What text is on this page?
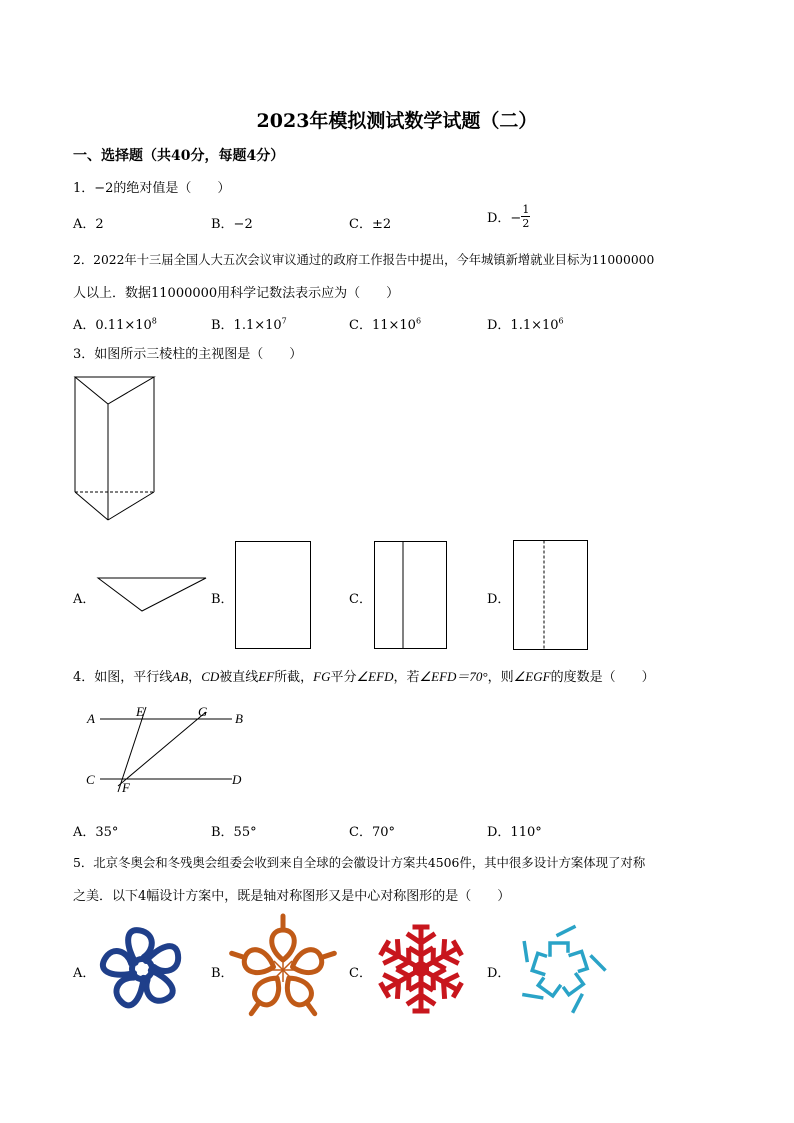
2023年模拟测试数学试题（二）
一、选择题（共40分，每题4分）
1．−2的绝对值是（　　）
A．2	B．−2	C．±2	D．− $\frac{1}{2}$
2．2022年十三届全国人大五次会议审议通过的政府工作报告中提出，今年城镇新增就业目标为11000000
人以上．数据11000000用科学记数法表示应为（　　）
A．$0.11\times 10^8$	B．$1.1\times 10^7$	C．$11\times 10^6$	D．$1.1\times 10^6$
3．如图所示三棱柱的主视图是（　　）
A．	B．	C．	D．
4．如图，平行线AB，CD被直线EF所截，FG平分∠EFD，若∠EFD＝70°，则∠EGF的度数是（　　）
A	E	G B
C
F
D
A．35°	B．55°	C．70°	D．110°
5．北京冬奥会和冬残奥会组委会收到来自全球的会徽设计方案共4506件，其中很多设计方案体现了对称
之美．以下4幅设计方案中，既是轴对称图形又是中心对称图形的是（　　）
A．	B．	C．	D．
